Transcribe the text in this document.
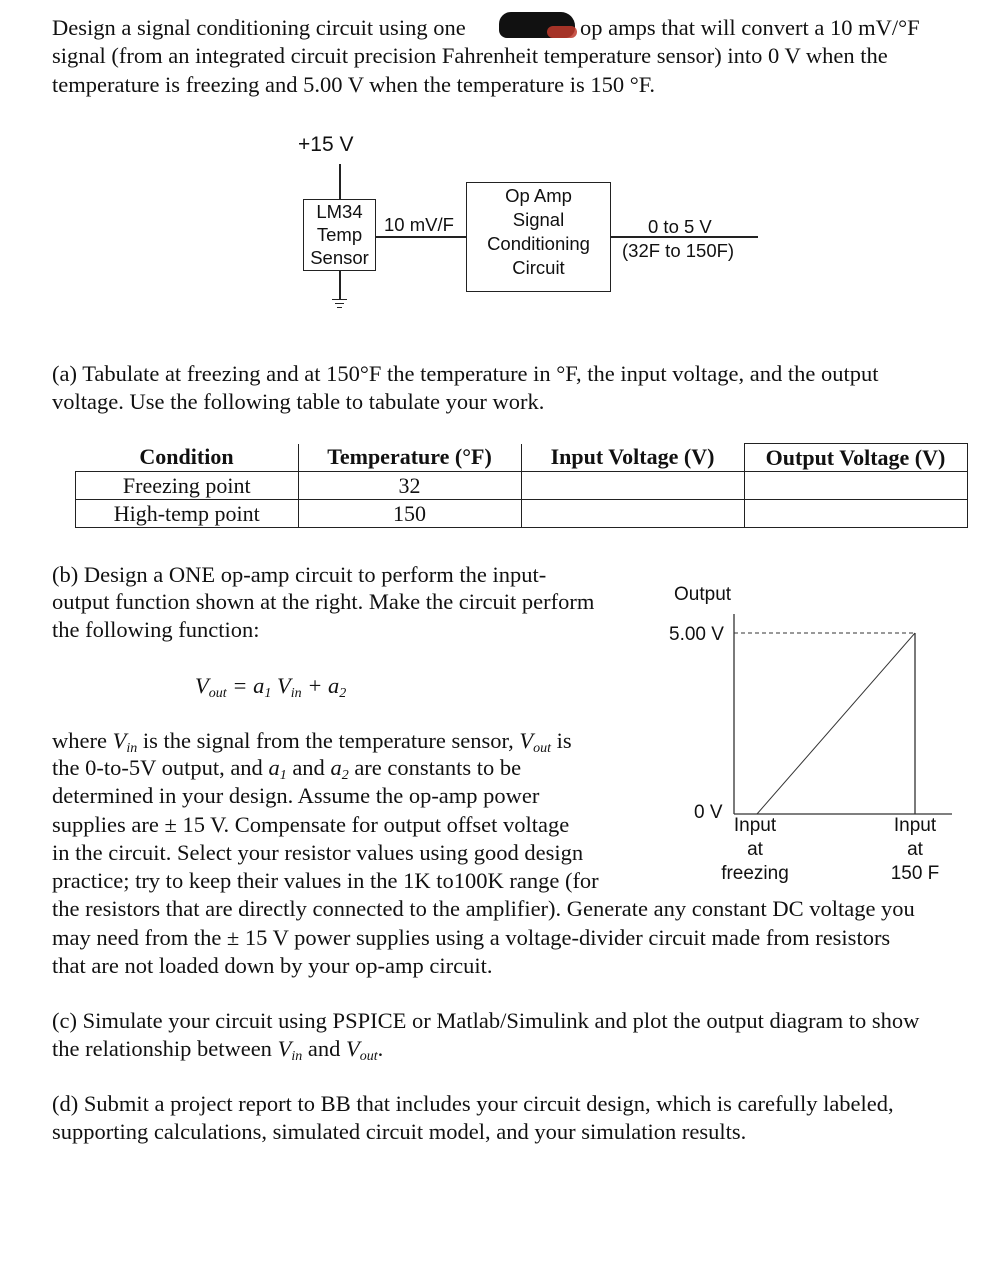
Design a signal conditioning circuit using one	op amps that will convert a 10 mV/°F
signal (from an integrated circuit precision Fahrenheit temperature sensor) into 0 V when the
temperature is freezing and 5.00 V when the temperature is 150 °F.
+15 V
LM34
Temp
Sensor
10 mV/F
Op Amp
Signal
Conditioning
Circuit
0 to 5 V
(32F to 150F)
(a) Tabulate at freezing and at 150°F the temperature in °F, the input voltage, and the output
voltage. Use the following table to tabulate your work.
Condition	Temperature (°F)	Input Voltage (V)	Output Voltage (V)
Freezing point	32		
High-temp point	150		
(b) Design a ONE op-amp circuit to perform the input-
output function shown at the right. Make the circuit perform
the following function:
$V_{out} = a_1$ $V_{in} + a_2$
where $V_{in}$ is the signal from the temperature sensor, $V_{out}$ is
the 0-to-5V output, and $a_1$ and $a_2$ are constants to be
determined in your design. Assume the op-amp power
supplies are ± 15 V. Compensate for output offset voltage
in the circuit. Select your resistor values using good design
practice; try to keep their values in the 1K to100K range (for
the resistors that are directly connected to the amplifier). Generate any constant DC voltage you
may need from the ± 15 V power supplies using a voltage-divider circuit made from resistors
that are not loaded down by your op-amp circuit.
Output
5.00 V
0 V
Input
at
freezing
Input
at
150 F
(c) Simulate your circuit using PSPICE or Matlab/Simulink and plot the output diagram to show
the relationship between $V_{in}$ and $V_{out}$.
(d) Submit a project report to BB that includes your circuit design, which is carefully labeled,
supporting calculations, simulated circuit model, and your simulation results.
